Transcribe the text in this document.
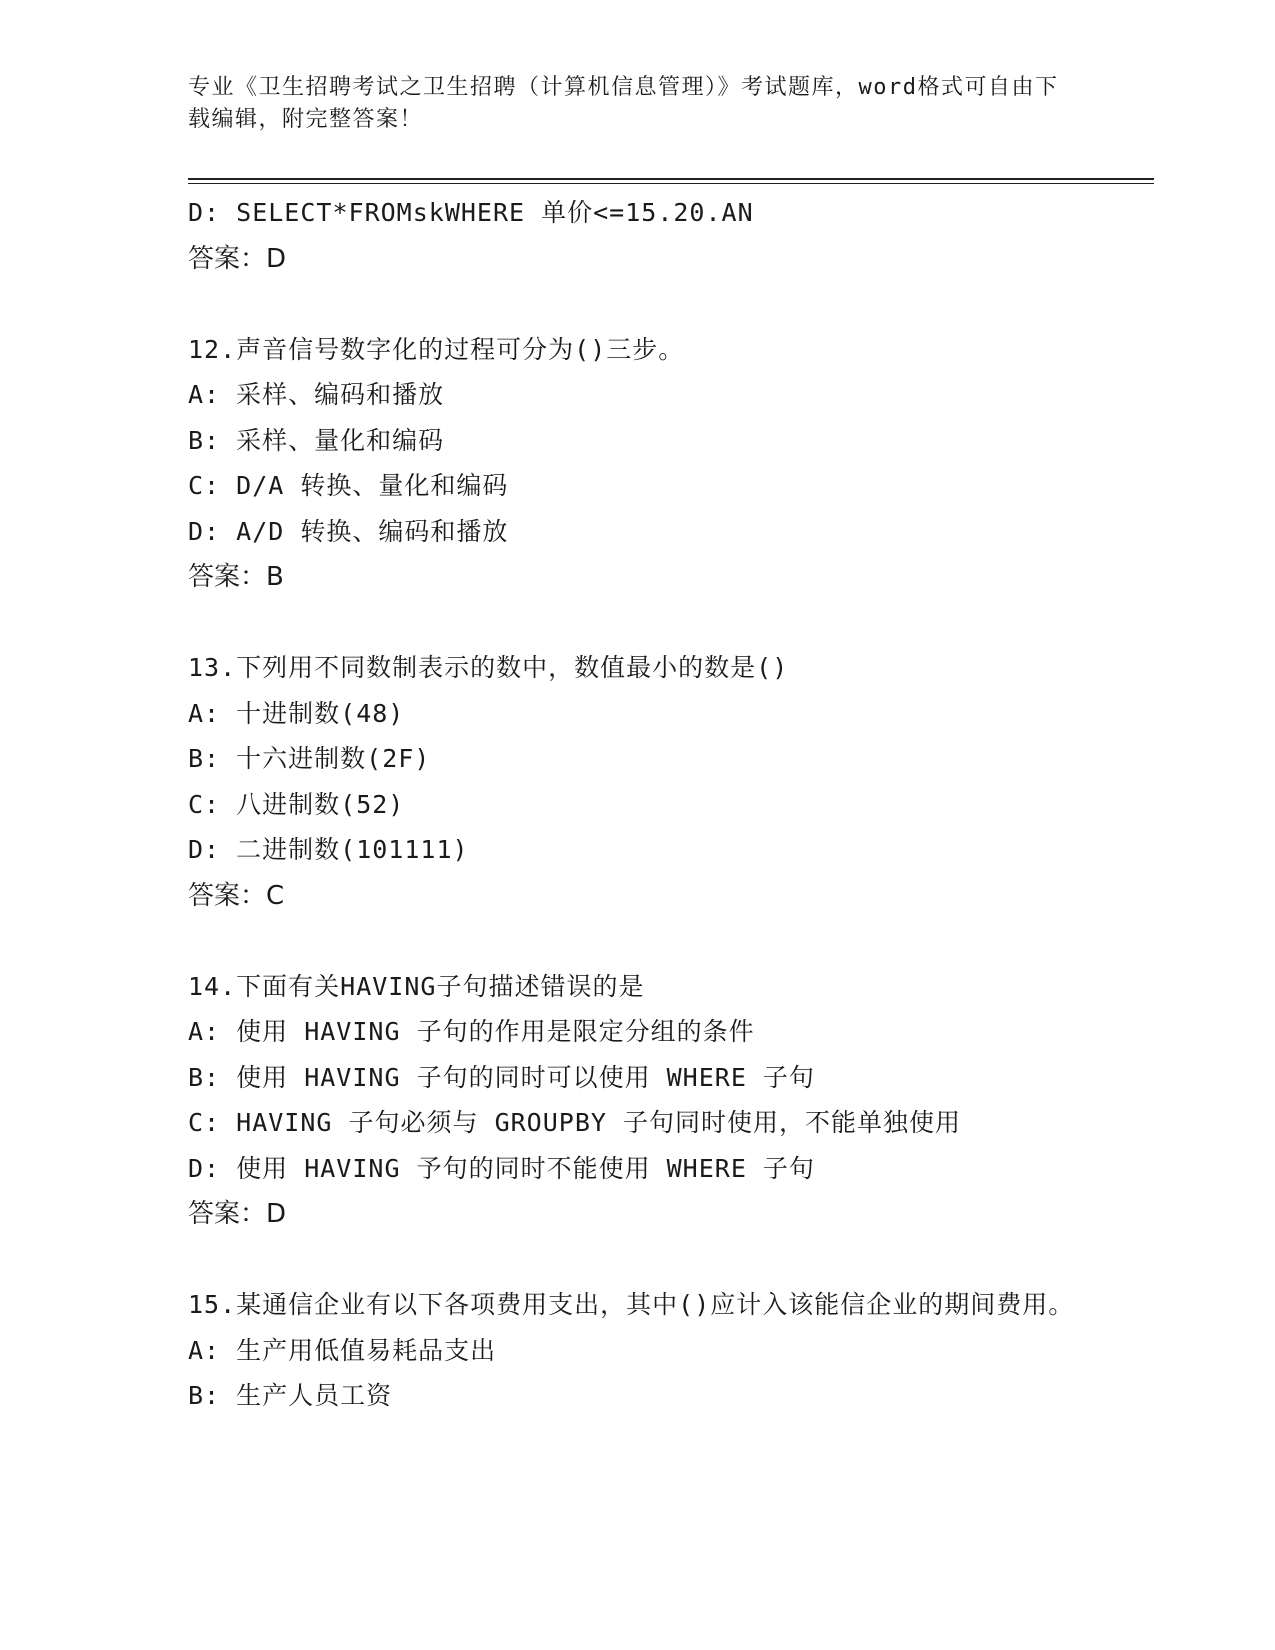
专业《卫生招聘考试之卫生招聘（计算机信息管理）》考试题库，word格式可自由下载编辑，附完整答案！
D: SELECT*FROMskWHERE 单价<=15.20.AN
答案：D
12.声音信号数字化的过程可分为()三步。
A: 采样、编码和播放
B: 采样、量化和编码
C: D/A 转换、量化和编码
D: A/D 转换、编码和播放
答案：B
13.下列用不同数制表示的数中，数值最小的数是()
A: 十进制数(48)
B: 十六进制数(2F)
C: 八进制数(52)
D: 二进制数(101111)
答案：C
14.下面有关HAVING子句描述错误的是
A: 使用 HAVING 子句的作用是限定分组的条件
B: 使用 HAVING 子句的同时可以使用 WHERE 子句
C: HAVING 子句必须与 GROUPBY 子句同时使用，不能单独使用
D: 使用 HAVING 予句的同时不能使用 WHERE 子句
答案：D
15.某通信企业有以下各项费用支出，其中()应计入该能信企业的期间费用。
A: 生产用低值易耗品支出
B: 生产人员工资
